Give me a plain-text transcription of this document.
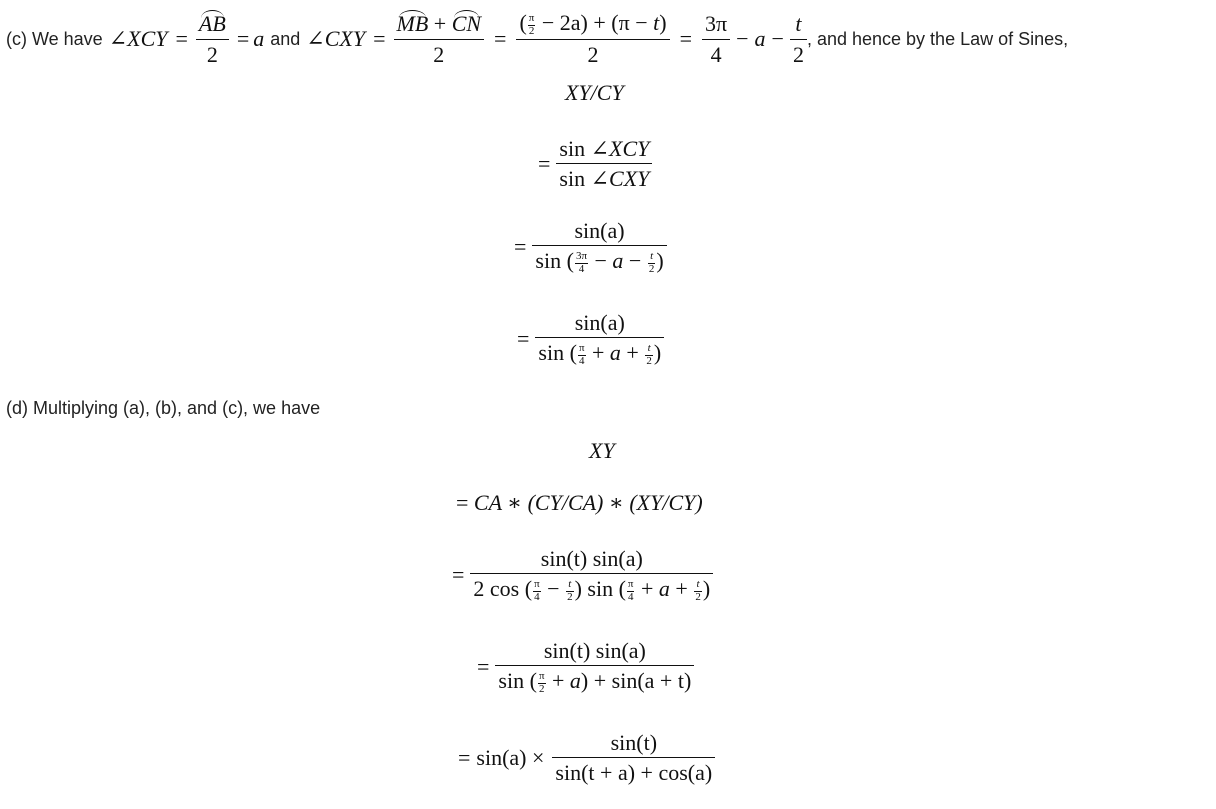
(c) We have ∠XCY = $\frac{AB}{2} = a$ and ∠CXY = $\frac{MB + CN}{2} = \frac{( \frac{\pi}{2} - 2a) + (\pi - t)}{2} = \frac{3\pi}{4} - a - \frac{t}{2}$ , and hence by the Law of Sines,
XY/CY
= $\frac{\text{sin ∠XCY}}{\text{sin ∠CXY}}$
= $\frac{\sin(a)}{\sin ( \frac{3\pi}{4} - a - \frac{t}{2} )}$
= $\frac{\sin(a)}{\sin ( \frac{\pi}{4} + a + \frac{t}{2} )}$
(d) Multiplying (a), (b), and (c), we have
XY
= CA ∗ (CY/CA) ∗ (XY/CY)
= $\frac{\sin(t) \sin(a)}{2 \cos ( \frac{\pi}{4} - \frac{t}{2} ) \sin ( \frac{\pi}{4} + a + \frac{t}{2} )}$
= $\frac{\sin(t) \sin(a)}{\sin ( \frac{\pi}{2} + a) + \sin(a + t)}$
= $\sin(a) \times \frac{\sin(t)}{\sin(t + a) + \cos(a)}$
